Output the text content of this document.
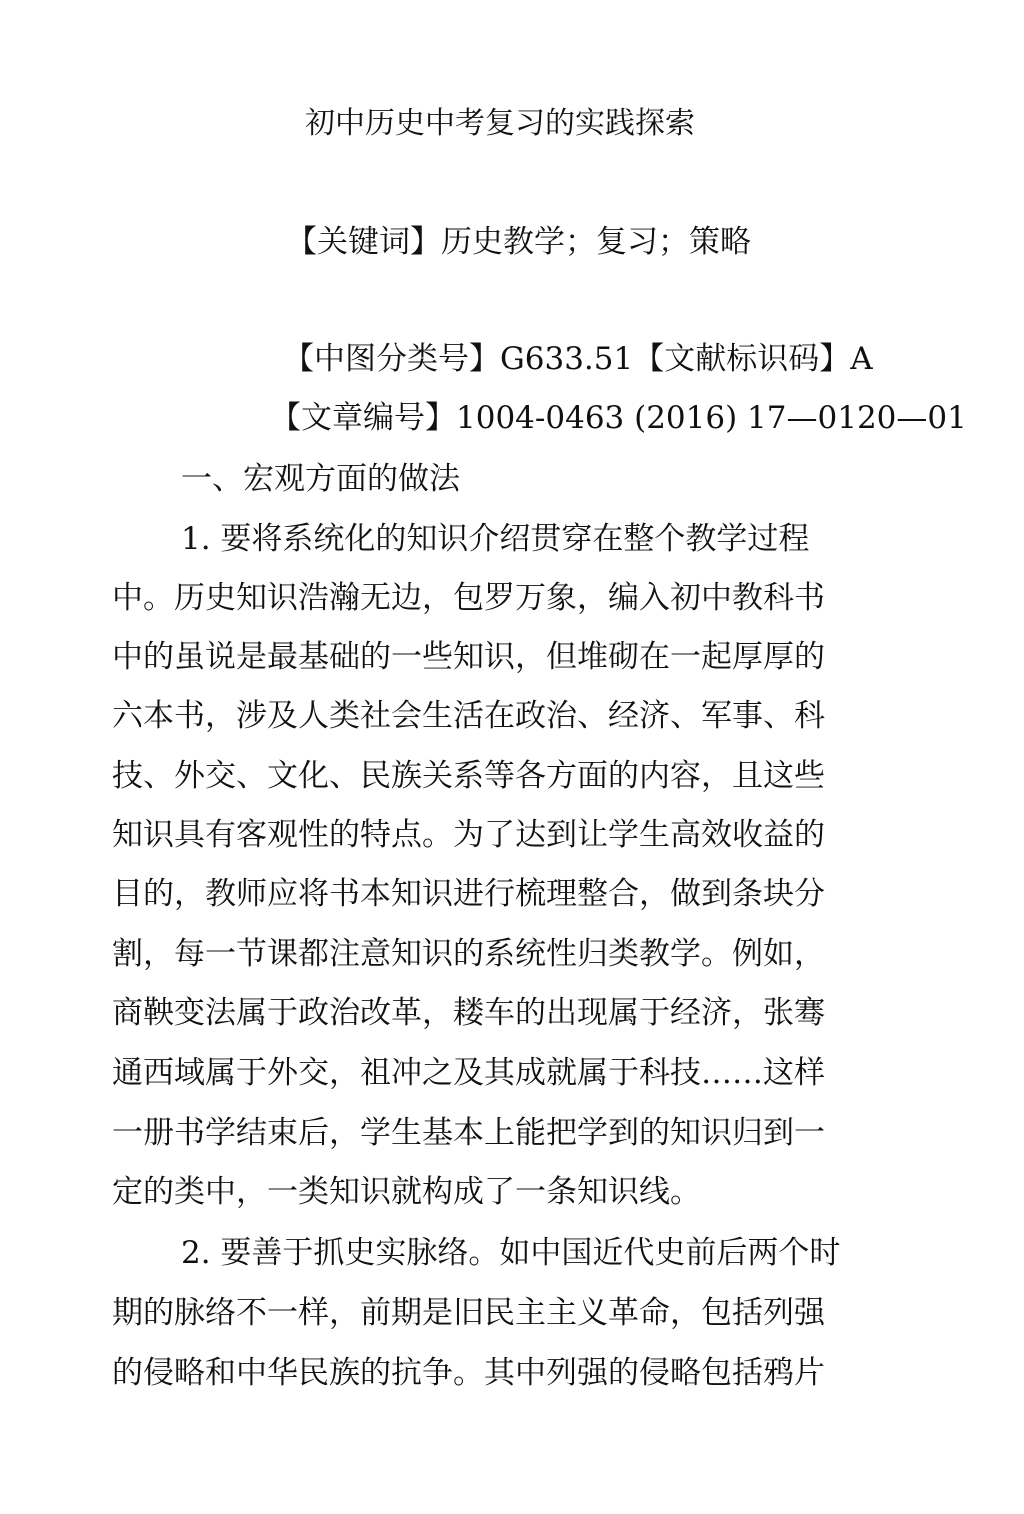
初中历史中考复习的实践探索
【关键词】历史教学；复习；策略
【中图分类号】G633.51【文献标识码】A
【文章编号】1004-0463 (2016) 17—0120—01
一、宏观方面的做法
1. 要将系统化的知识介绍贯穿在整个教学过程
中。历史知识浩瀚无边，包罗万象，编入初中教科书
中的虽说是最基础的一些知识，但堆砌在一起厚厚的
六本书，涉及人类社会生活在政治、经济、军事、科
技、外交、文化、民族关系等各方面的内容，且这些
知识具有客观性的特点。为了达到让学生高效收益的
目的，教师应将书本知识进行梳理整合，做到条块分
割，每一节课都注意知识的系统性归类教学。例如，
商鞅变法属于政治改革，耧车的出现属于经济，张骞
通西域属于外交，祖冲之及其成就属于科技……这样
一册书学结束后，学生基本上能把学到的知识归到一
定的类中，一类知识就构成了一条知识线。
2. 要善于抓史实脉络。如中国近代史前后两个时
期的脉络不一样，前期是旧民主主义革命，包括列强
的侵略和中华民族的抗争。其中列强的侵略包括鸦片
